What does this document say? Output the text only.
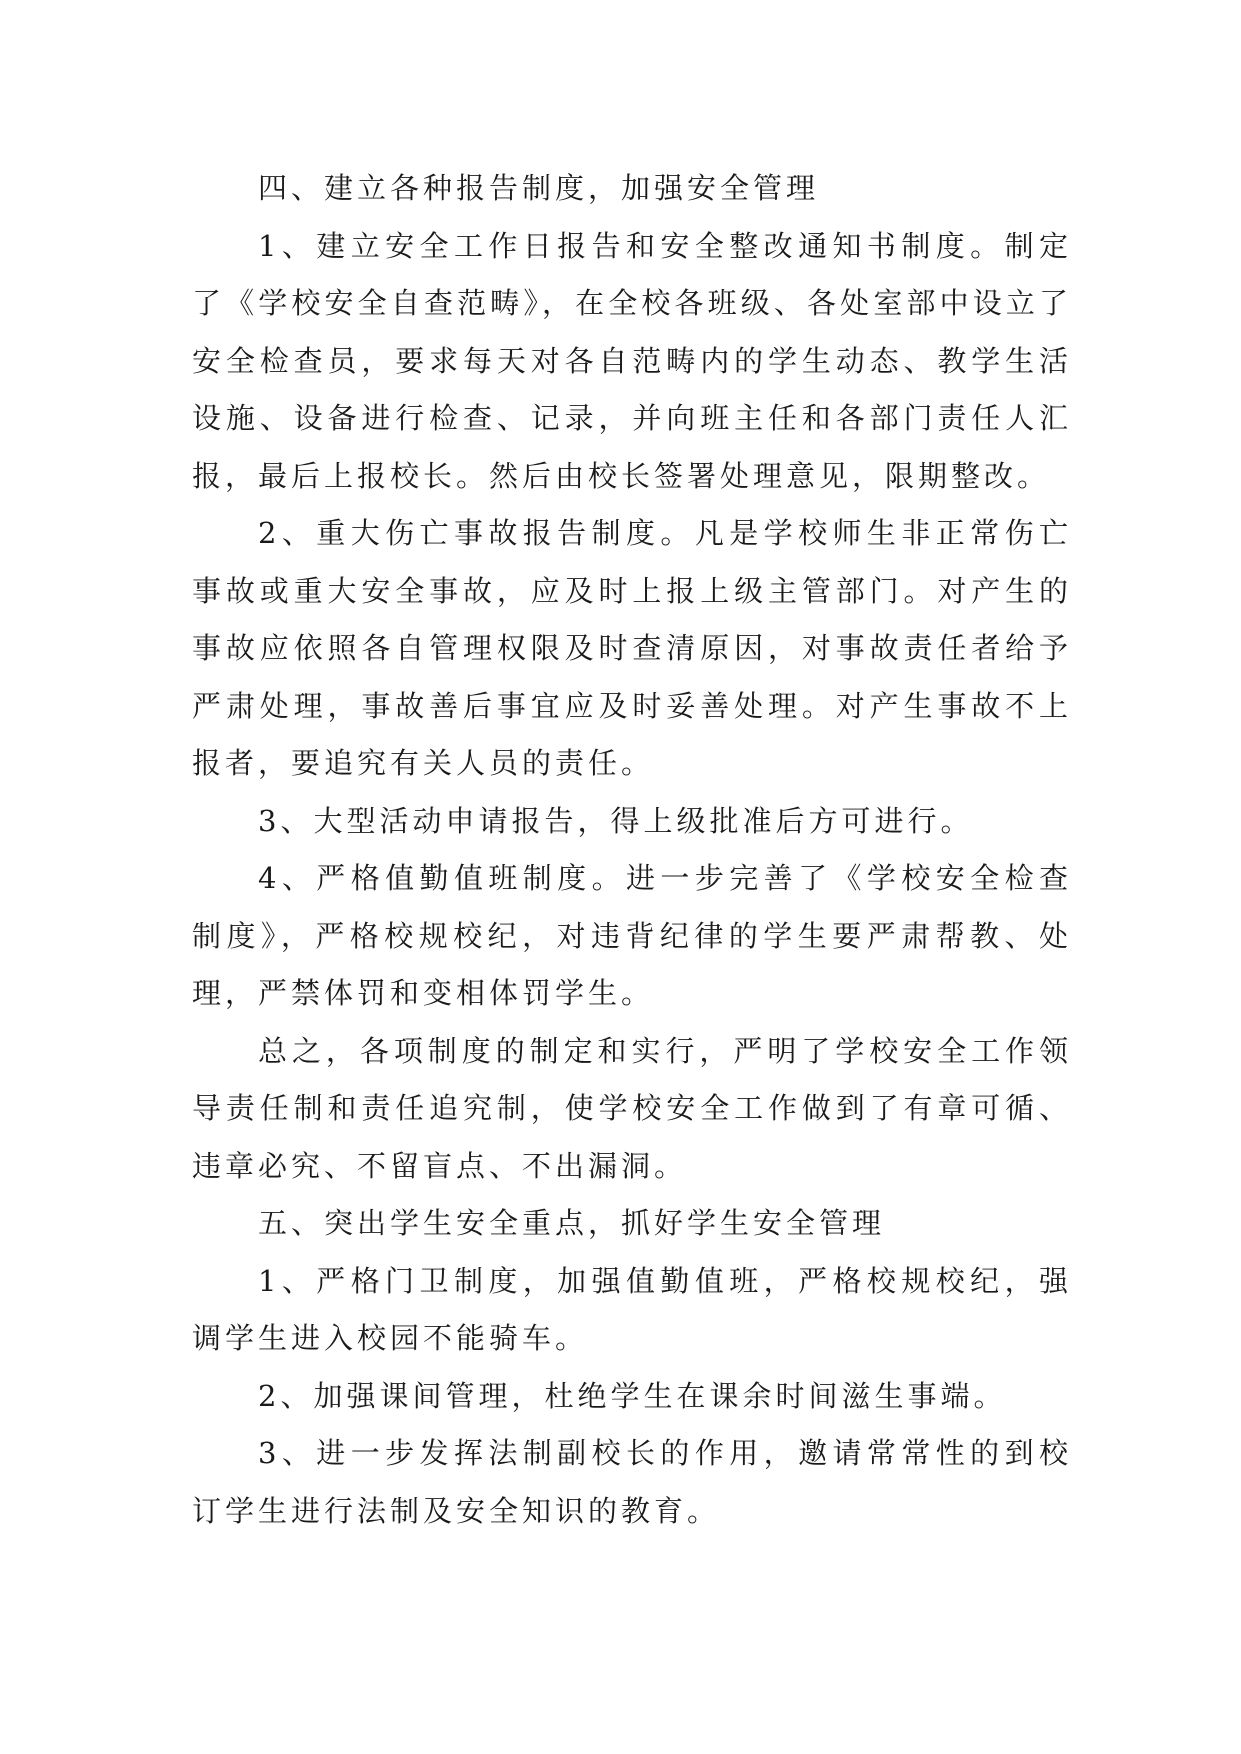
四、建立各种报告制度，加强安全管理

1、建立安全工作日报告和安全整改通知书制度。制定了《学校安全自查范畴》，在全校各班级、各处室部中设立了安全检查员，要求每天对各自范畴内的学生动态、教学生活设施、设备进行检查、记录，并向班主任和各部门责任人汇报，最后上报校长。然后由校长签署处理意见，限期整改。

2、重大伤亡事故报告制度。凡是学校师生非正常伤亡事故或重大安全事故，应及时上报上级主管部门。对产生的事故应依照各自管理权限及时查清原因，对事故责任者给予严肃处理，事故善后事宜应及时妥善处理。对产生事故不上报者，要追究有关人员的责任。

3、大型活动申请报告，得上级批准后方可进行。

4、严格值勤值班制度。进一步完善了《学校安全检查制度》，严格校规校纪，对违背纪律的学生要严肃帮教、处理，严禁体罚和变相体罚学生。

总之，各项制度的制定和实行，严明了学校安全工作领导责任制和责任追究制，使学校安全工作做到了有章可循、违章必究、不留盲点、不出漏洞。

五、突出学生安全重点，抓好学生安全管理

1、严格门卫制度，加强值勤值班，严格校规校纪，强调学生进入校园不能骑车。

2、加强课间管理，杜绝学生在课余时间滋生事端。

3、进一步发挥法制副校长的作用，邀请常常性的到校订学生进行法制及安全知识的教育。
